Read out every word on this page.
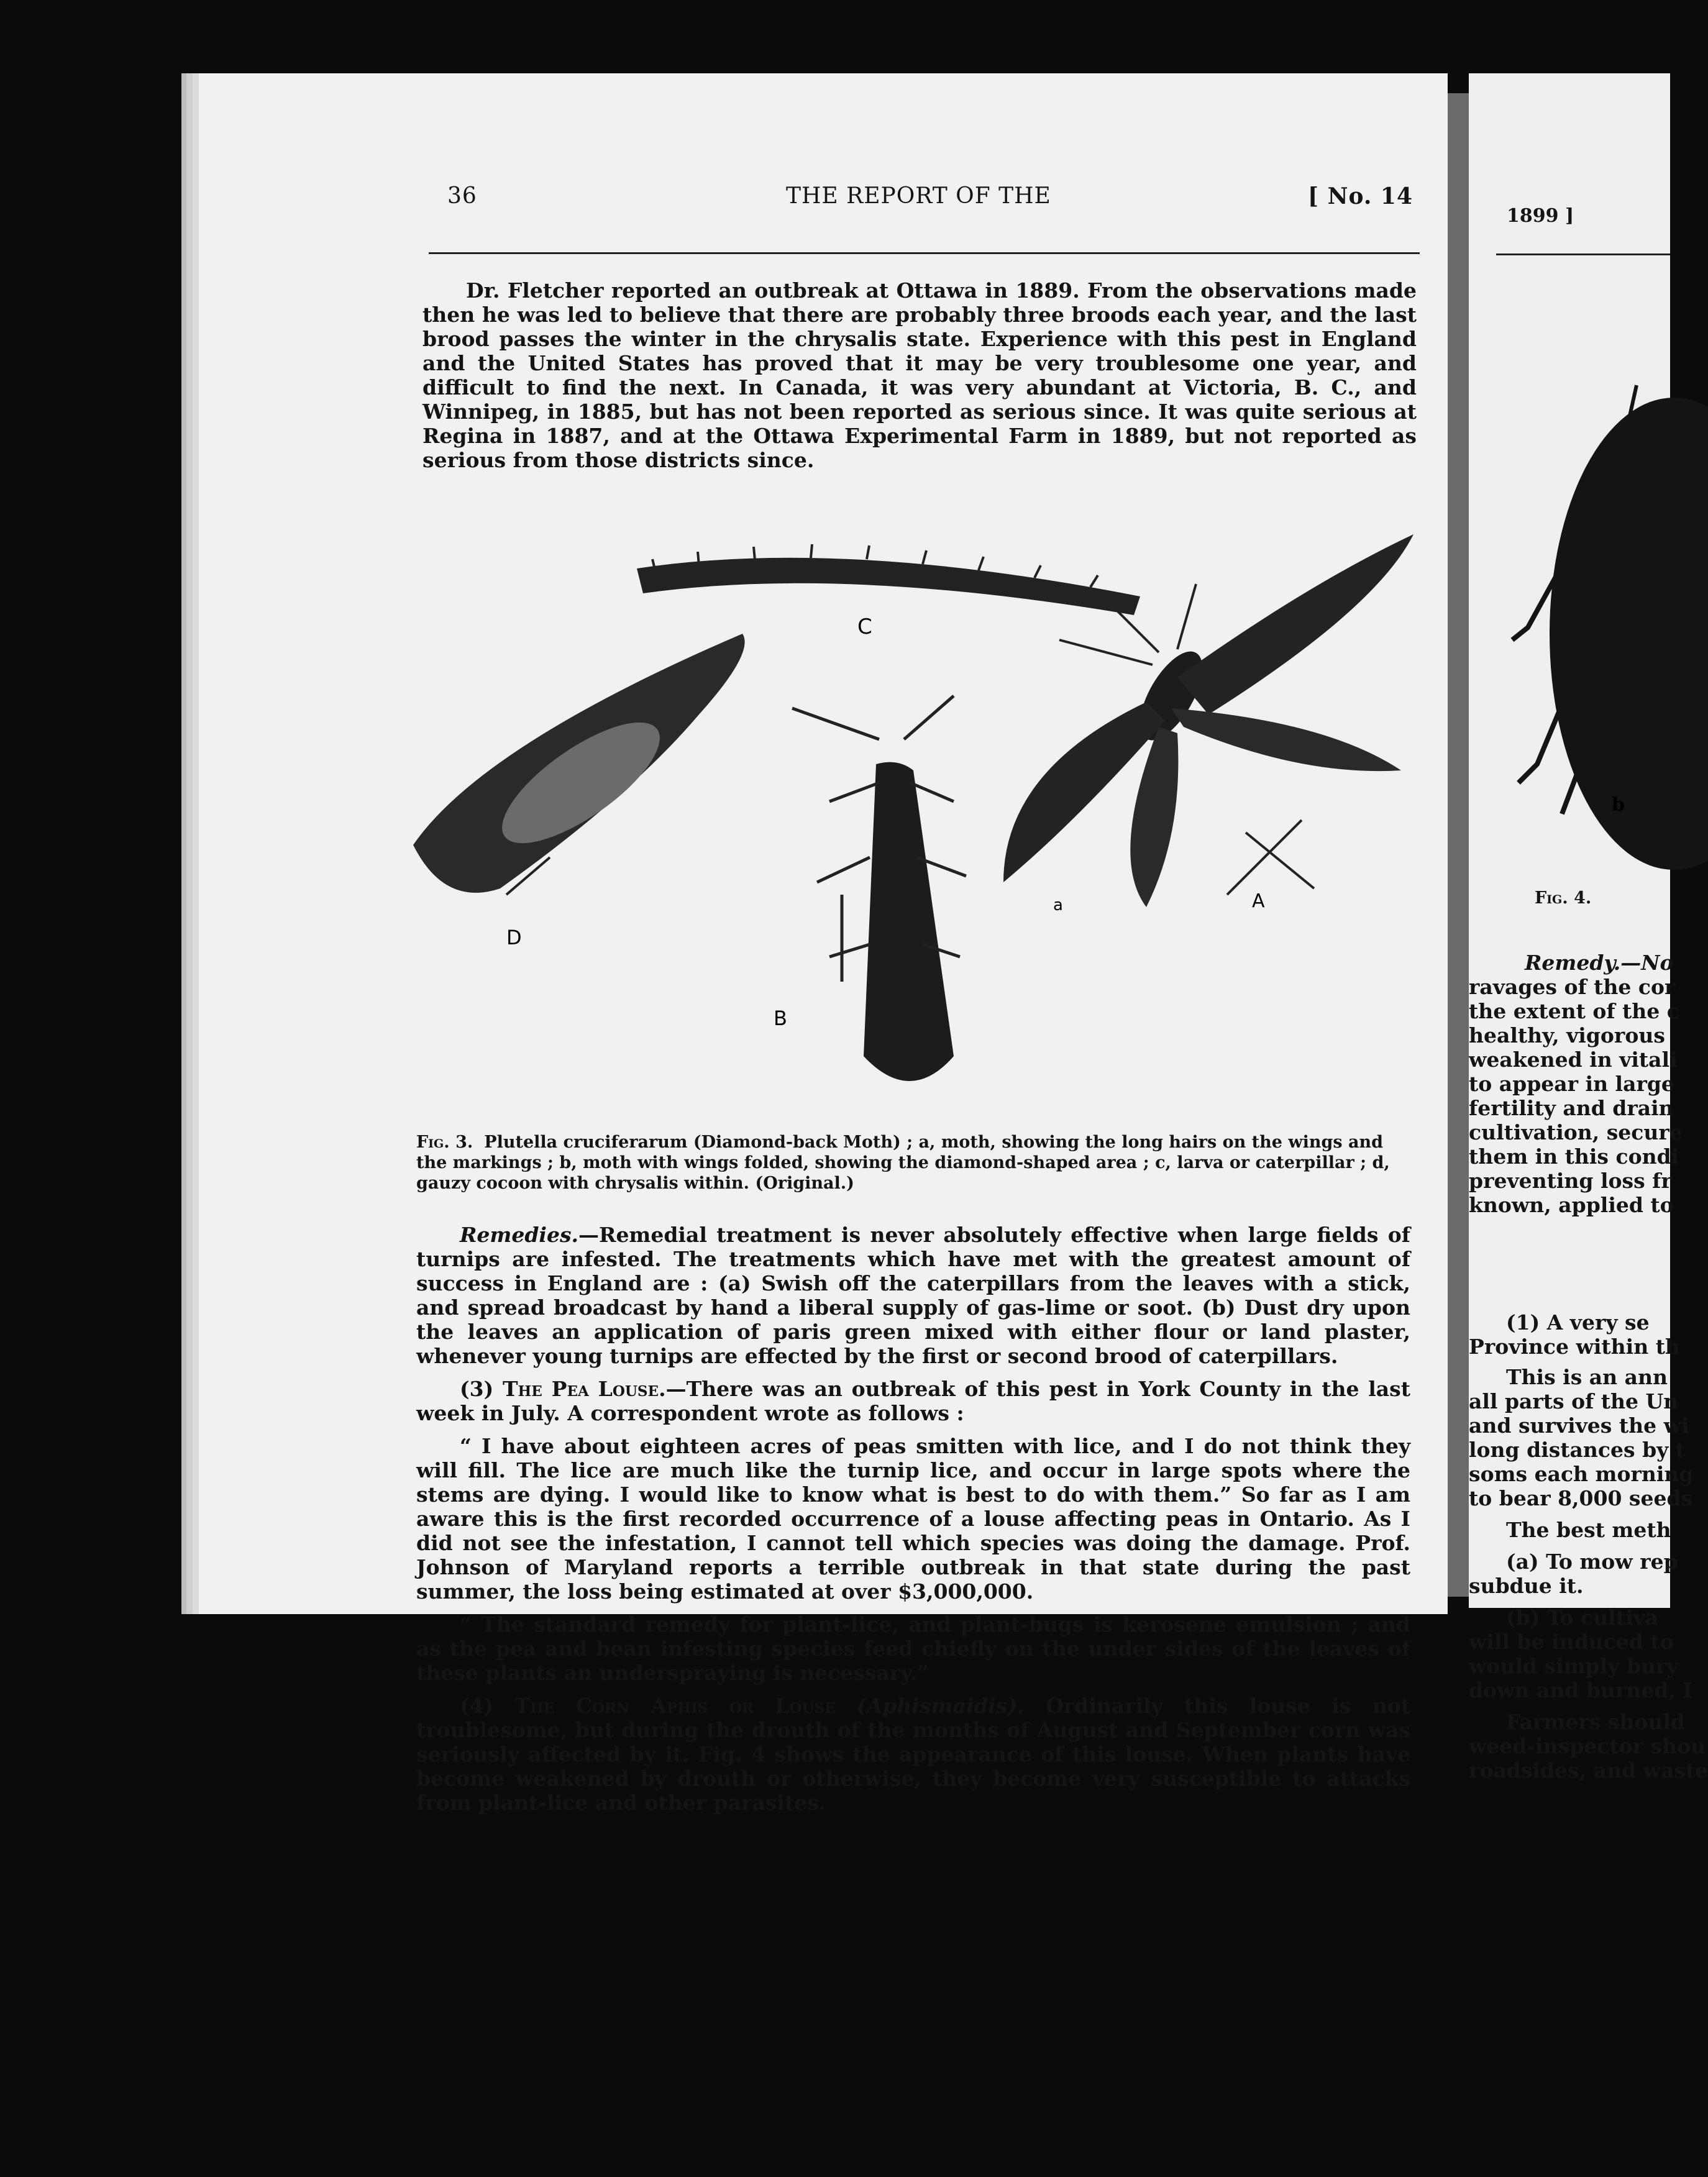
36	THE REPORT OF THE	[ No. 14

Dr. Fletcher reported an outbreak at Ottawa in 1889. From the observations made then he was led to believe that there are probably three broods each year, and the last brood passes the winter in the chrysalis state. Experience with this pest in England and the United States has proved that it may be very troublesome one year, and difficult to find the next. In Canada, it was very abundant at Victoria, B. C., and Winnipeg, in 1885, but has not been reported as serious since. It was quite serious at Regina in 1887, and at the Ottawa Experimental Farm in 1889, but not reported as serious from those districts since.

C
D
B
A
a
Fig. 3. Plutella cruciferarum (Diamond-back Moth) ; a, moth, showing the long hairs on the wings and the markings ; b, moth with wings folded, showing the diamond-shaped area ; c, larva or caterpillar ; d, gauzy cocoon with chrysalis within. (Original.)

Remedies.—Remedial treatment is never absolutely effective when large fields of turnips are infested. The treatments which have met with the greatest amount of success in England are : (a) Swish off the caterpillars from the leaves with a stick, and spread broadcast by hand a liberal supply of gas-lime or soot. (b) Dust dry upon the leaves an application of paris green mixed with either flour or land plaster, whenever young turnips are effected by the first or second brood of caterpillars.

(3) The Pea Louse.—There was an outbreak of this pest in York County in the last week in July. A correspondent wrote as follows :

“ I have about eighteen acres of peas smitten with lice, and I do not think they will fill. The lice are much like the turnip lice, and occur in large spots where the stems are dying. I would like to know what is best to do with them.” So far as I am aware this is the first recorded occurrence of a louse affecting peas in Ontario. As I did not see the infestation, I cannot tell which species was doing the damage. Prof. Johnson of Maryland reports a terrible outbreak in that state during the past summer, the loss being estimated at over $3,000,000.

“ The standard remedy for plant-lice, and plant-bugs is kerosene emulsion ; and as the pea and bean infesting species feed chiefly on the under sides of the leaves of these plants an underspraying is necessary.”

(4) The Corn Aphis or Louse (Aphismaidis). Ordinarily this louse is not troublesome, but during the drouth of the months of August and September corn was seriously affected by it. Fig. 4 shows the appearance of this louse. When plants have become weakened by drouth or otherwise, they become very susceptible to attacks from plant-lice and other parasites.

1899 ]
b
Fig. 4.
Remedy.—No
ravages of the cor
the extent of the c
healthy, vigorous
weakened in vitali
to appear in large
fertility and drain
cultivation, secure
them in this condi
preventing loss fr
known, applied to
(1) A very se
Province within th
This is an ann
all parts of the Un
and survives the wi
long distances by t
soms each morning
to bear 8,000 seeds
The best meth
(a) To mow rep
subdue it.
(b) To cultiva
will be induced to
would simply bury
down and burned, I
Farmers should
weed-inspector shou
roadsides, and waste
